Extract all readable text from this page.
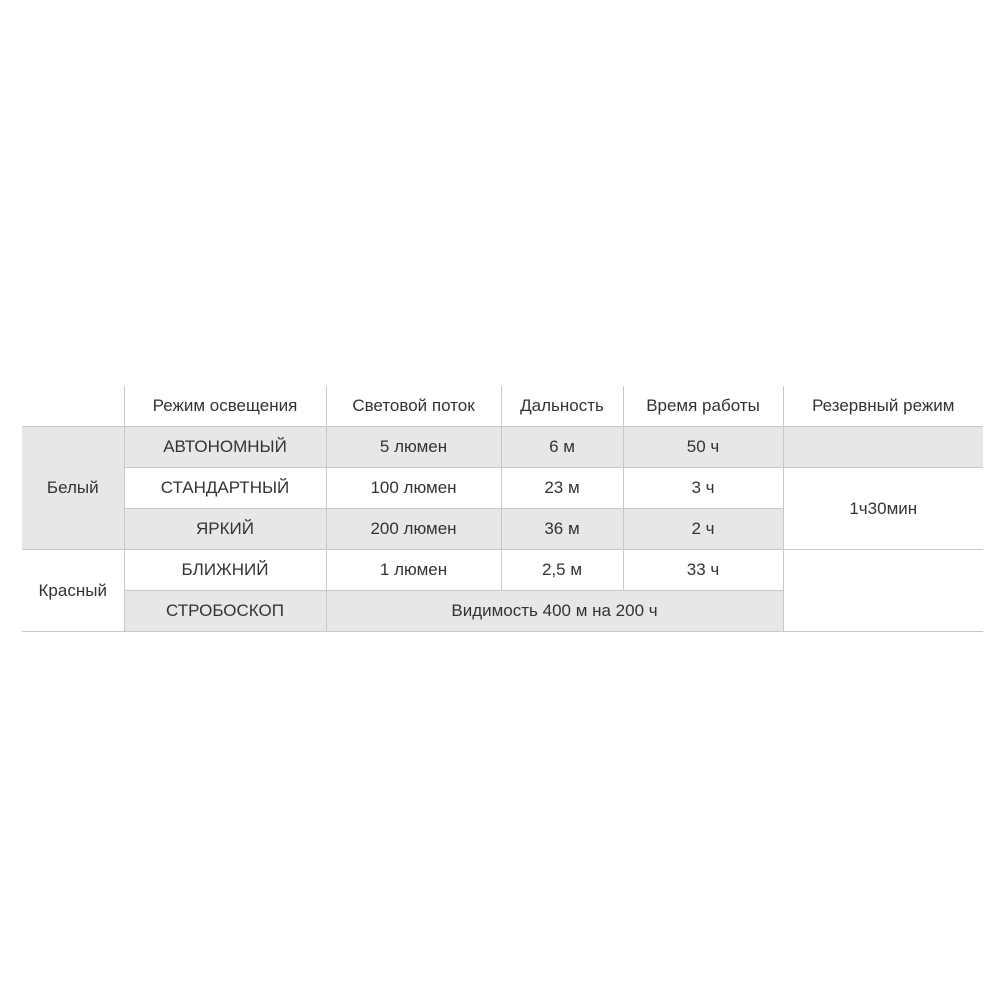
	Режим освещения	Световой поток	Дальность	Время работы	Резервный режим
Белый	АВТОНОМНЫЙ	5 люмен	6 м	50 ч	
	СТАНДАРТНЫЙ	100 люмен	23 м	3 ч	1ч30мин
	ЯРКИЙ	200 люмен	36 м	2 ч	
Красный	БЛИЖНИЙ	1 люмен	2,5 м	33 ч	
	СТРОБОСКОП	Видимость 400 м на 200 ч			
